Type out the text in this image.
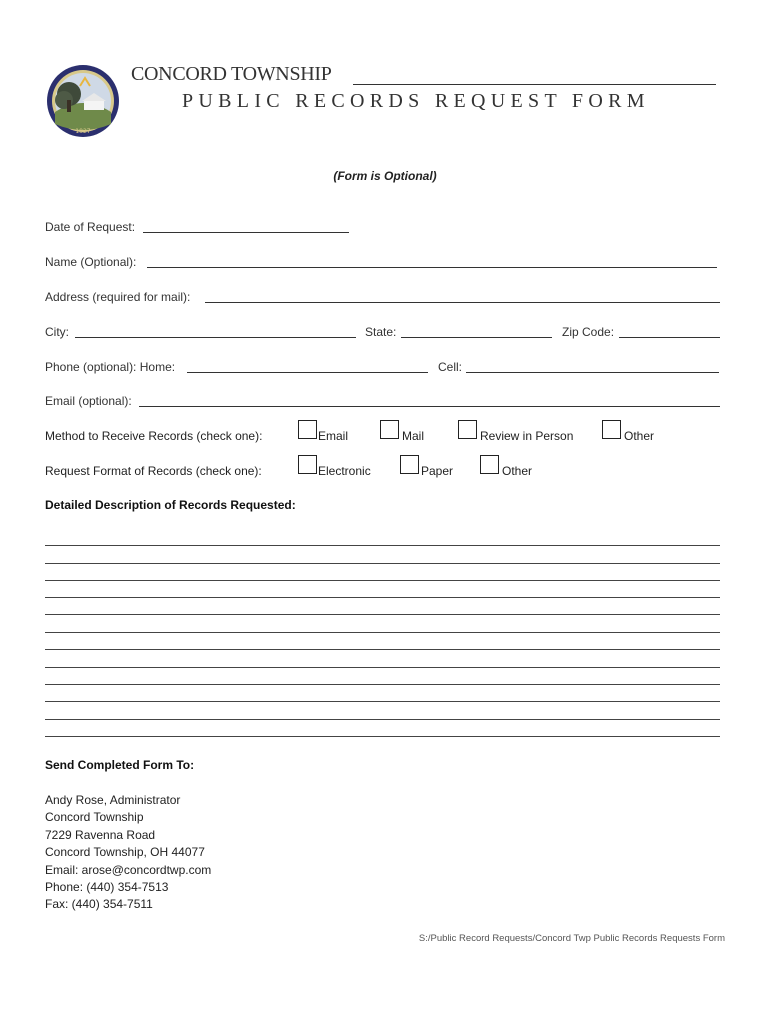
1827
CONCORD TOWNSHIP
PUBLIC RECORDS REQUEST FORM
(Form is Optional)
Date of Request:
Name (Optional):
Address (required for mail):
City:	State:	Zip Code:
Phone (optional): Home:	Cell:
Email (optional):
Method to Receive Records (check one):	Email	Mail	Review in Person	Other
Request Format of Records (check one):	Electronic	Paper	Other
Detailed Description of Records Requested:
Send Completed Form To:
Andy Rose, Administrator
Concord Township
7229 Ravenna Road
Concord Township, OH 44077
Email: arose@concordtwp.com
Phone: (440) 354-7513
Fax: (440) 354-7511
S:/Public Record Requests/Concord Twp Public Records Requests Form
